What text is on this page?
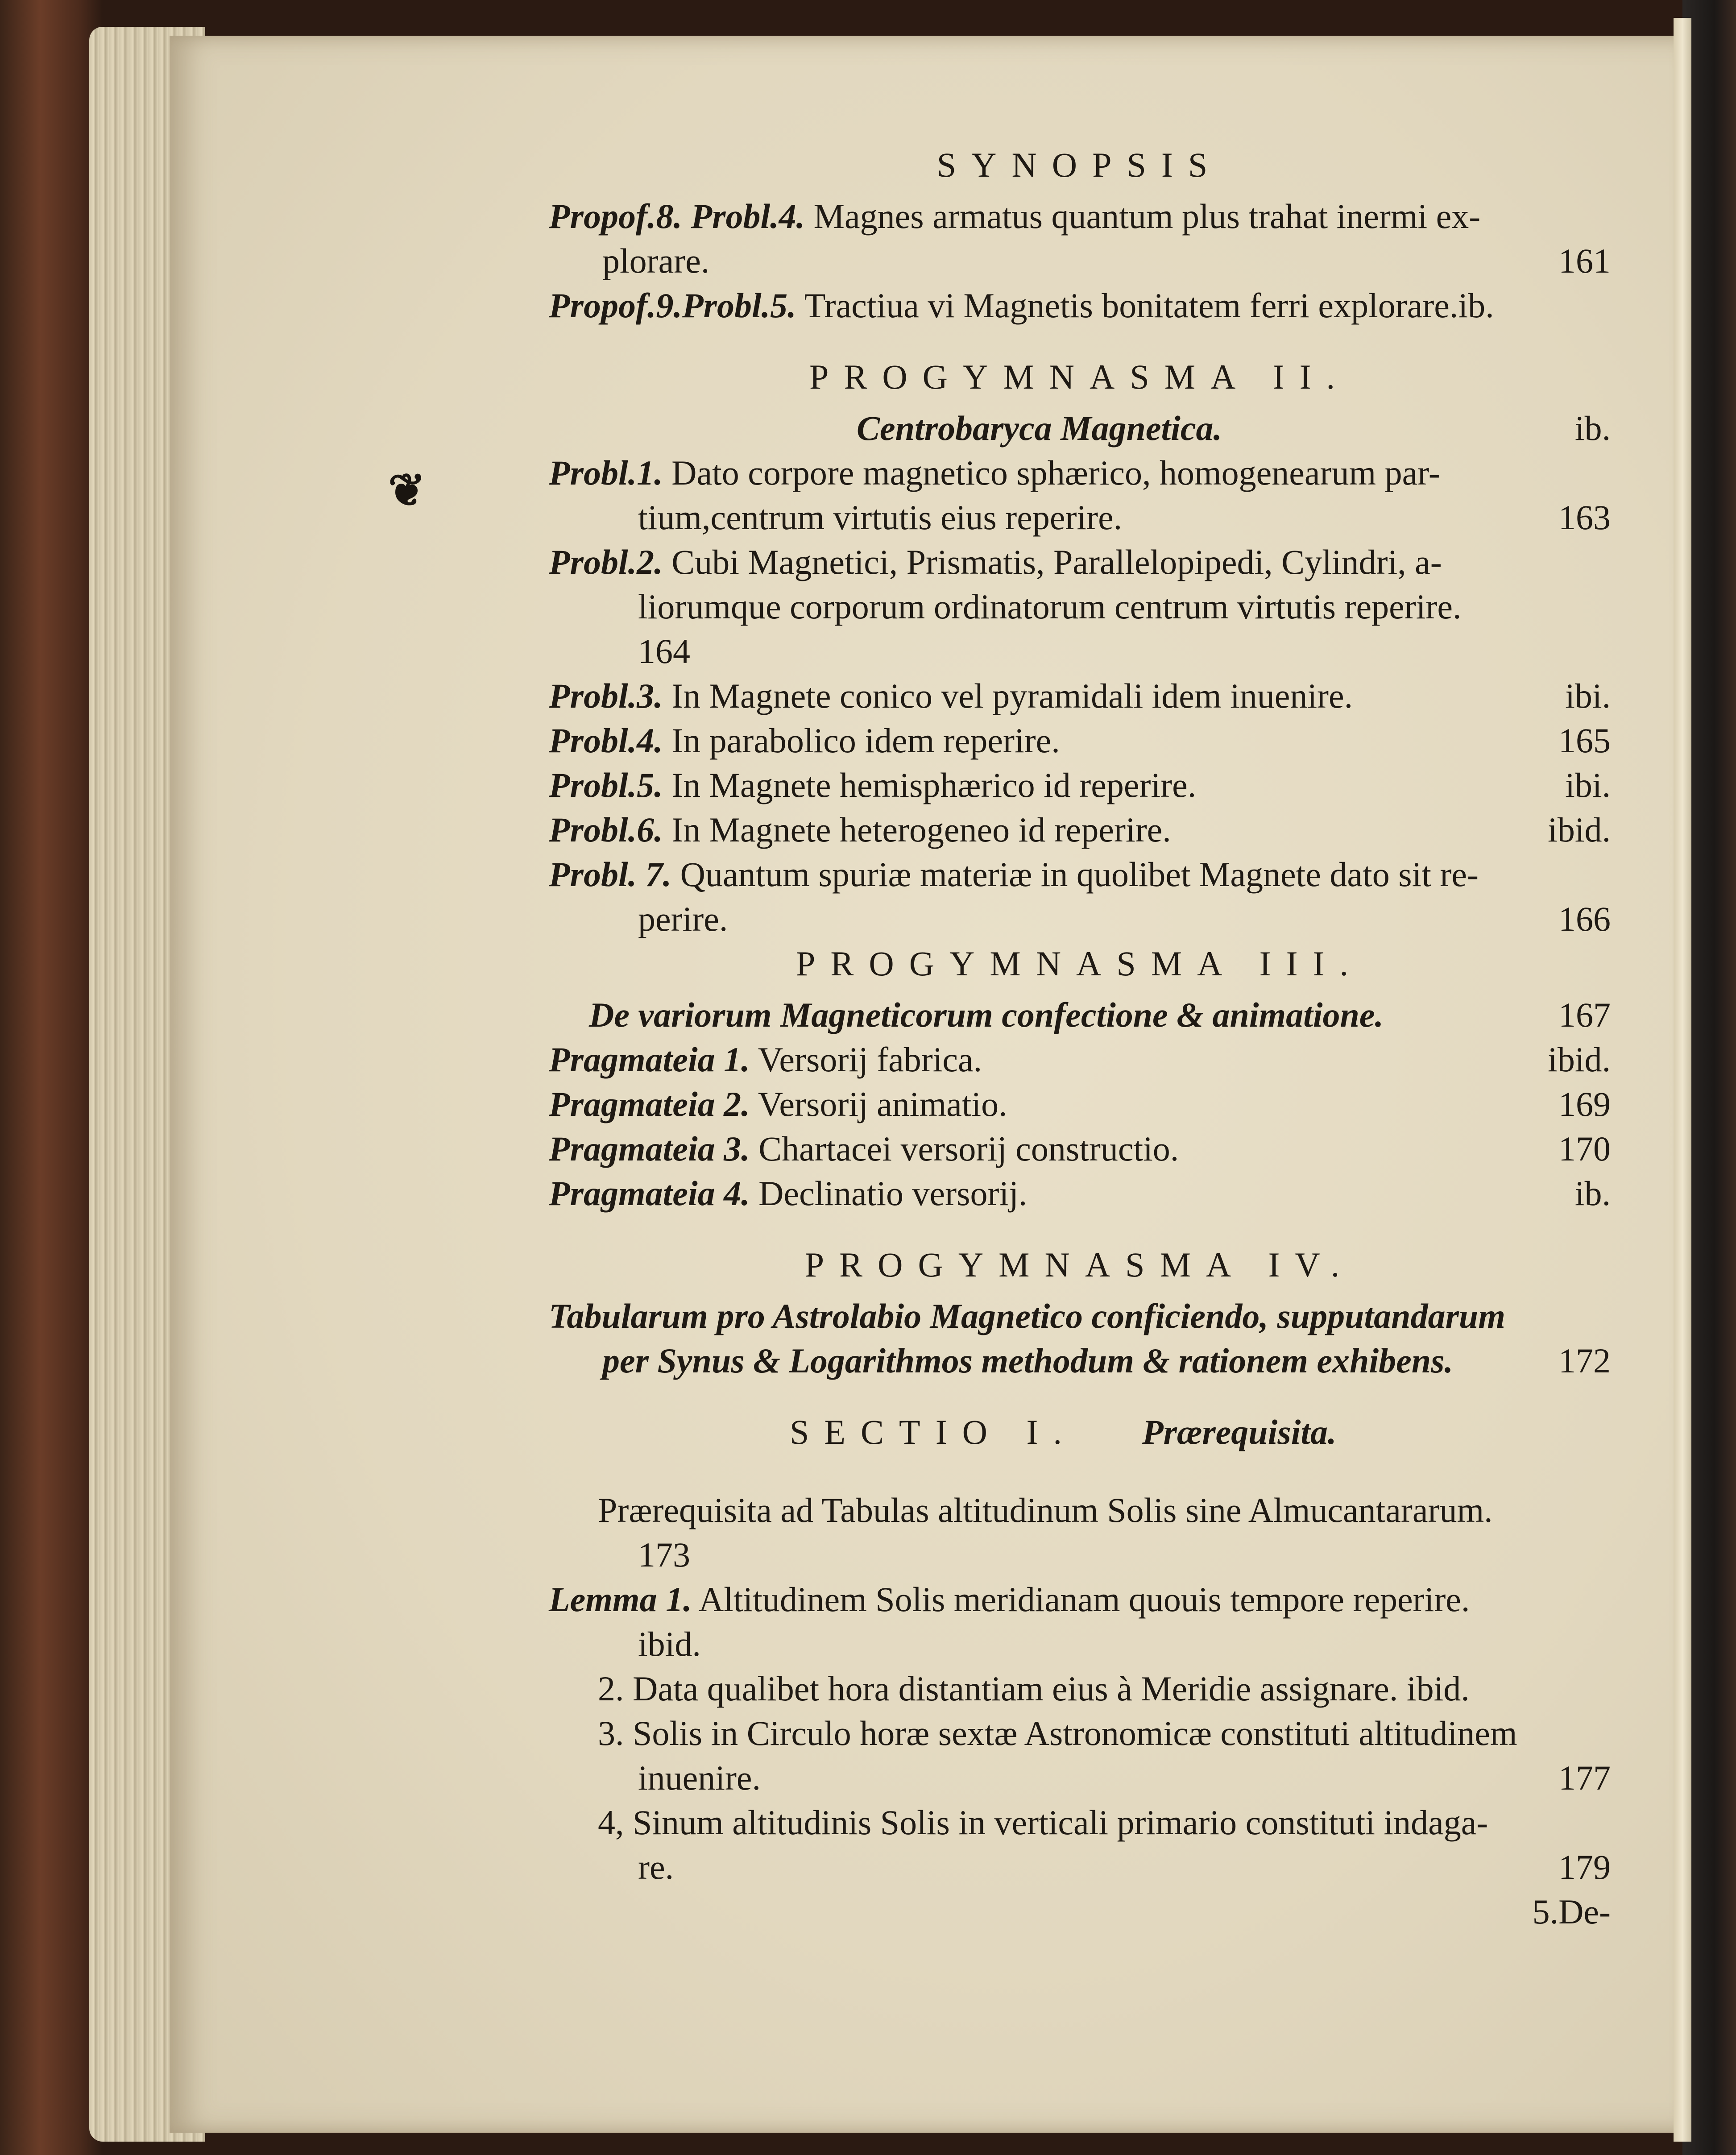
❦
SYNOPSIS
Propof.8. Probl.4. Magnes armatus quantum plus trahat inermi ex-
plorare.	161
Propof.9.Probl.5. Tractiua vi Magnetis bonitatem ferri explorare.ib.
PROGYMNASMA II.
Centrobaryca Magnetica.	ib.
Probl.1. Dato corpore magnetico sphærico, homogenearum par-
tium,centrum virtutis eius reperire.	163
Probl.2. Cubi Magnetici, Prismatis, Parallelopipedi, Cylindri, a-
liorumque corporum ordinatorum centrum virtutis reperire.
164
Probl.3. In Magnete conico vel pyramidali idem inuenire.	ibi.
Probl.4. In parabolico idem reperire.	165
Probl.5. In Magnete hemisphærico id reperire.	ibi.
Probl.6. In Magnete heterogeneo id reperire.	ibid.
Probl. 7. Quantum spuriæ materiæ in quolibet Magnete dato sit re-
perire.	166
PROGYMNASMA III.
De variorum Magneticorum confectione & animatione.	167
Pragmateia 1. Versorij fabrica.	ibid.
Pragmateia 2. Versorij animatio.	169
Pragmateia 3. Chartacei versorij constructio.	170
Pragmateia 4. Declinatio versorij.	ib.
PROGYMNASMA IV.
Tabularum pro Astrolabio Magnetico conficiendo, supputandarum
per Synus & Logarithmos methodum & rationem exhibens.	172
SECTIO I. Prærequisita.
Prærequisita ad Tabulas altitudinum Solis sine Almucantararum.
173
Lemma 1. Altitudinem Solis meridianam quouis tempore reperire.
ibid.
2. Data qualibet hora distantiam eius à Meridie assignare. ibid.
3. Solis in Circulo horæ sextæ Astronomicæ constituti altitudinem
inuenire.	177
4, Sinum altitudinis Solis in verticali primario constituti indaga-
re.	179
5.De-
